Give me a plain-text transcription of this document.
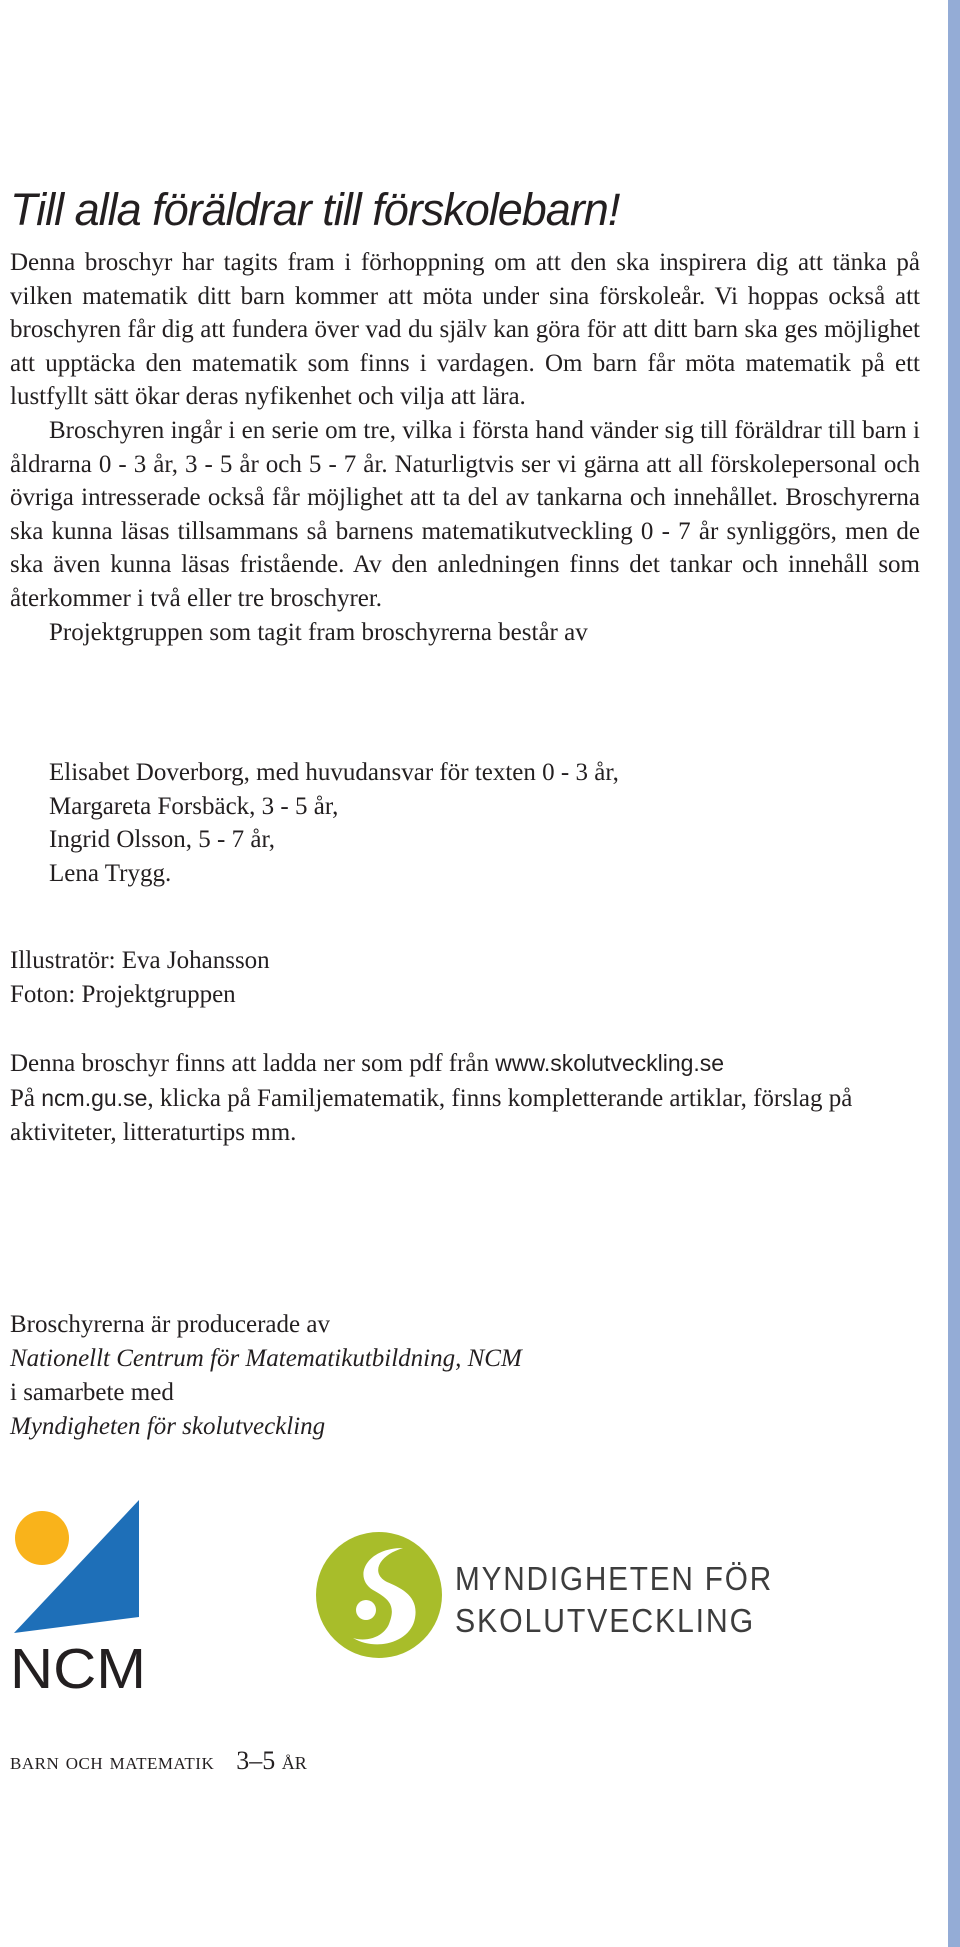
Till alla föräldrar till förskolebarn!

Denna broschyr har tagits fram i förhoppning om att den ska inspirera dig att tänka på vilken matematik ditt barn kommer att möta under sina förskoleår. Vi hoppas också att broschyren får dig att fundera över vad du själv kan göra för att ditt barn ska ges möjlighet att upptäcka den matematik som finns i vardagen. Om barn får möta matematik på ett lustfyllt sätt ökar deras nyfikenhet och vilja att lära.

Broschyren ingår i en serie om tre, vilka i första hand vänder sig till föräldrar till barn i åldrarna 0 - 3 år, 3 - 5 år och 5 - 7 år. Naturligtvis ser vi gärna att all förskolepersonal och övriga intresserade också får möjlighet att ta del av tankarna och innehållet. Broschyrerna ska kunna läsas tillsammans så barnens matematikutveckling 0 - 7 år synliggörs, men de ska även kunna läsas fristående. Av den anledningen finns det tankar och innehåll som återkommer i två eller tre broschyrer.

Projektgruppen som tagit fram broschyrerna består av

Elisabet Doverborg, med huvudansvar för texten 0 - 3 år,
Margareta Forsbäck, 3 - 5 år,
Ingrid Olsson, 5 - 7 år,
Lena Trygg.
Illustratör: Eva Johansson
Foton: Projektgruppen
Denna broschyr finns att ladda ner som pdf från www.skolutveckling.se
På ncm.gu.se, klicka på Familjematematik, finns kompletterande artiklar, förslag på aktiviteter, litteraturtips mm.
Broschyrerna är producerade av
Nationellt Centrum för Matematikutbildning, NCM
i samarbete med
Myndigheten för skolutveckling
NCM
MYNDIGHETEN FÖR
SKOLUTVECKLING
barn och matematik 3–5 år
